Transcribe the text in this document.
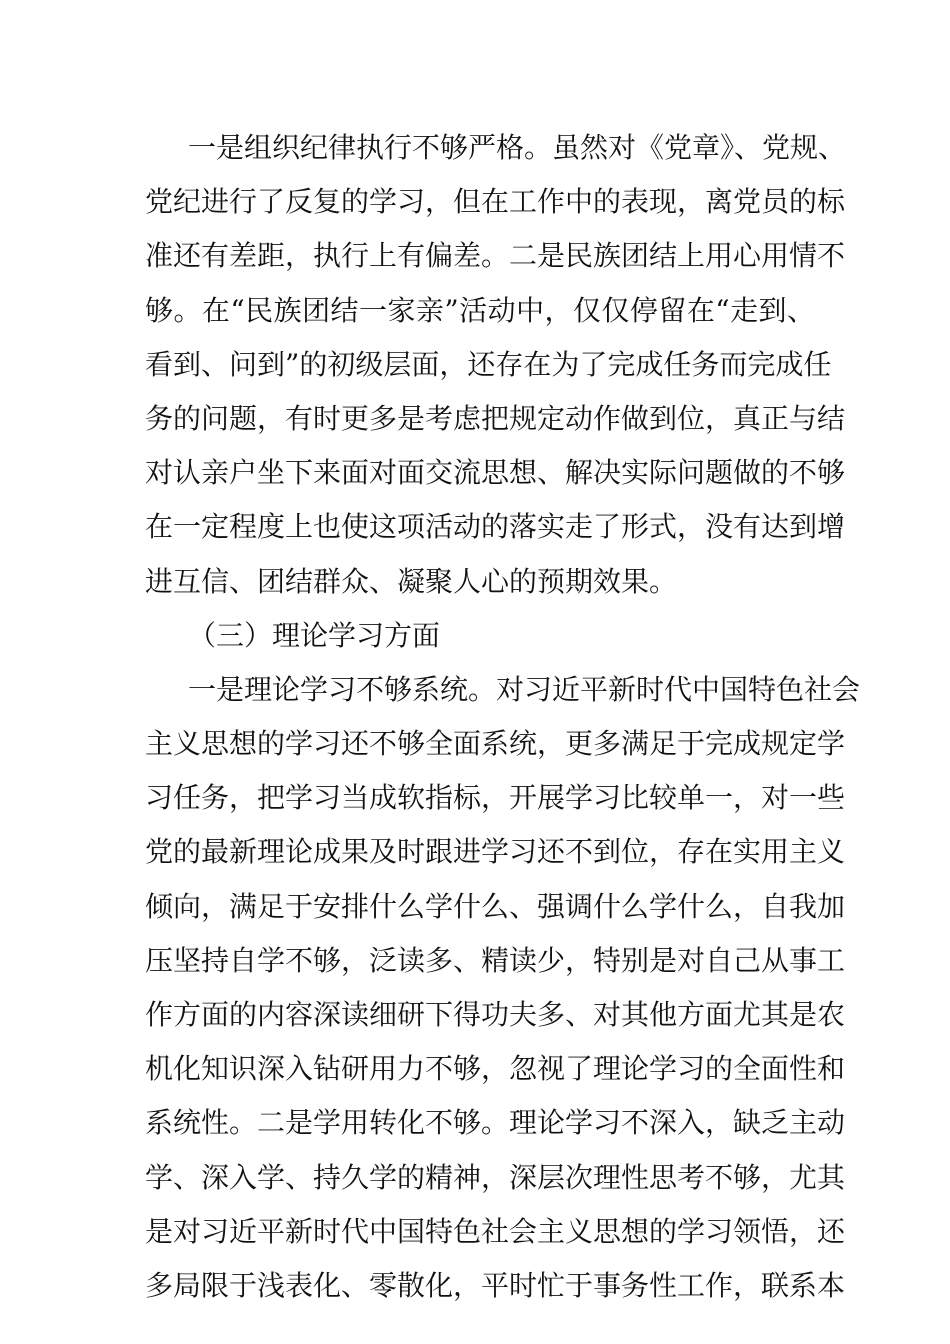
一是组织纪律执行不够严格。虽然对《党章》、党规、
党纪进行了反复的学习，但在工作中的表现，离党员的标
准还有差距，执行上有偏差。二是民族团结上用心用情不
够。在“民族团结一家亲”活动中，仅仅停留在“走到、
看到、问到”的初级层面，还存在为了完成任务而完成任
务的问题，有时更多是考虑把规定动作做到位，真正与结
对认亲户坐下来面对面交流思想、解决实际问题做的不够
在一定程度上也使这项活动的落实走了形式，没有达到增
进互信、团结群众、凝聚人心的预期效果。
（三）理论学习方面
一是理论学习不够系统。对习近平新时代中国特色社会
主义思想的学习还不够全面系统，更多满足于完成规定学
习任务，把学习当成软指标，开展学习比较单一，对一些
党的最新理论成果及时跟进学习还不到位，存在实用主义
倾向，满足于安排什么学什么、强调什么学什么，自我加
压坚持自学不够，泛读多、精读少，特别是对自己从事工
作方面的内容深读细研下得功夫多、对其他方面尤其是农
机化知识深入钻研用力不够，忽视了理论学习的全面性和
系统性。二是学用转化不够。理论学习不深入，缺乏主动
学、深入学、持久学的精神，深层次理性思考不够，尤其
是对习近平新时代中国特色社会主义思想的学习领悟，还
多局限于浅表化、零散化，平时忙于事务性工作，联系本
